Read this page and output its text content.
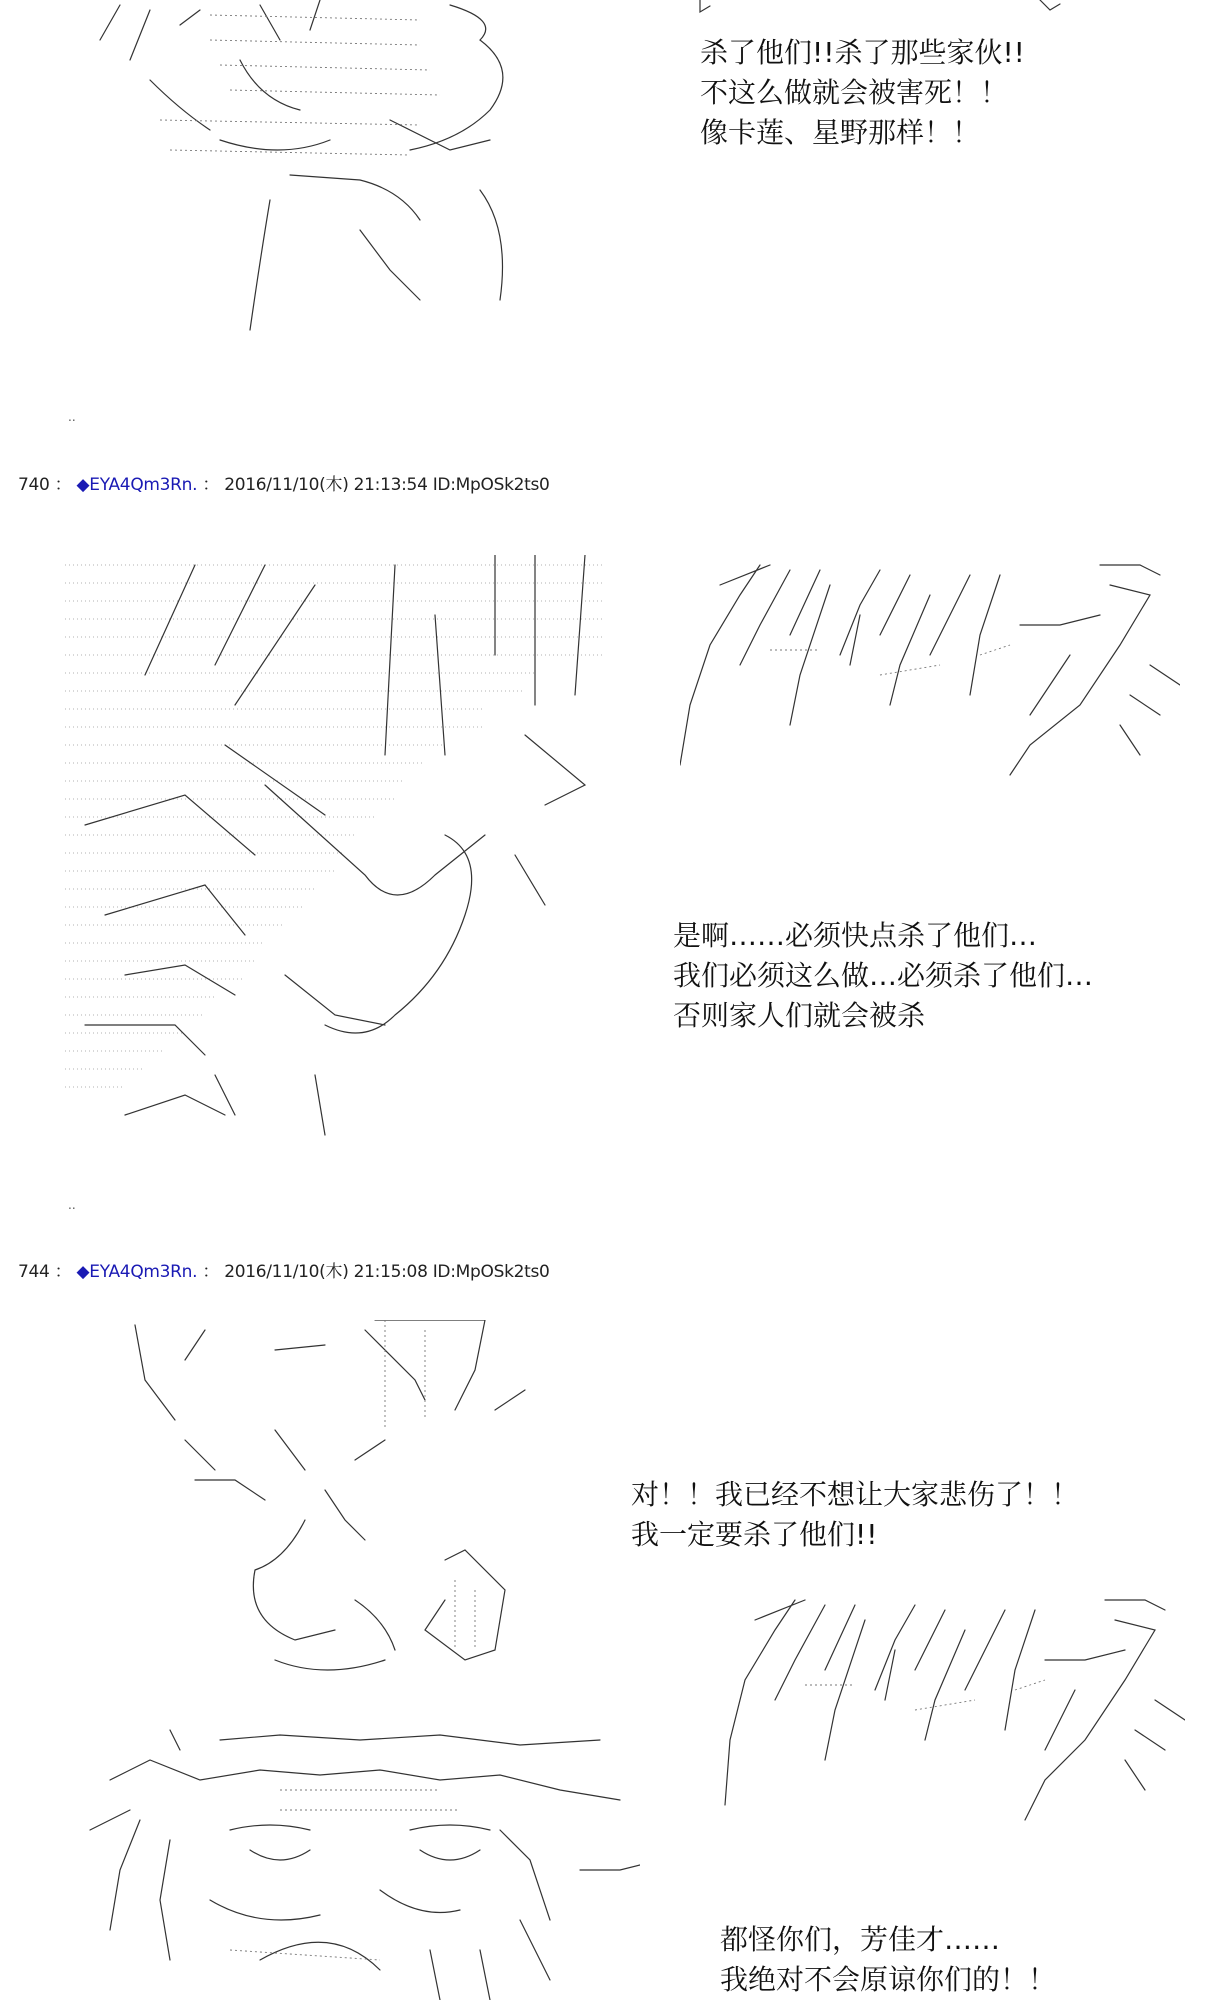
杀了他们!!杀了那些家伙!!
不这么做就会被害死！！
像卡莲、星野那样！！

..
740 ： ◆EYA4Qm3Rn. ： 2016/11/10(木) 21:13:54 ID:MpOSk2ts0

是啊……必须快点杀了他们…
我们必须这么做…必须杀了他们…
否则家人们就会被杀

..
744 ： ◆EYA4Qm3Rn. ： 2016/11/10(木) 21:15:08 ID:MpOSk2ts0

对！！我已经不想让大家悲伤了！！
我一定要杀了他们!!

都怪你们，芳佳才……
我绝对不会原谅你们的！！
